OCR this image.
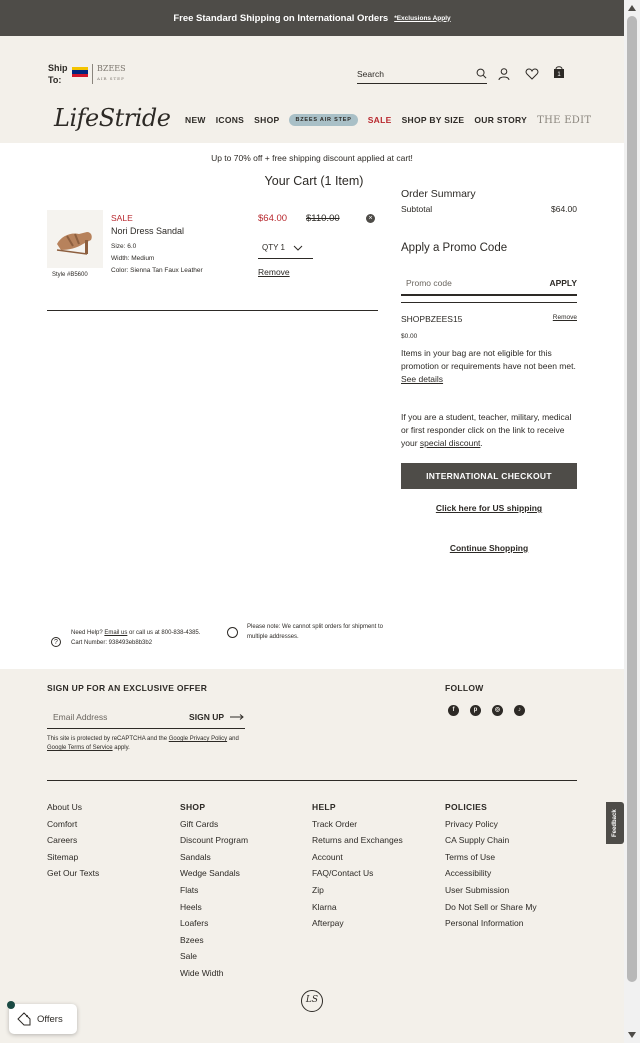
Free Standard Shipping on International Orders *Exclusions Apply
Ship To:
BZEES
AIR STEP	Search	1
LifeStride NEW ICONS SHOP	BZEES AIR STEP	SALE SHOP BY SIZE OUR STORY THE EDIT
Up to 70% off + free shipping discount applied at cart!
Your Cart (1 Item)
Style #B5600
SALE
Nori Dress Sandal
Size: 6.0
Width: Medium
Color: Sienna Tan Faux Leather
$64.00 $110.00	×
QTY 1
Remove
Order Summary
Subtotal	$64.00
Apply a Promo Code
Promo code	APPLY
SHOPBZEES15	Remove
$0.00
Items in your bag are not eligible for this promotion or requirements have not been met. See details
If you are a student, teacher, military, medical or first responder click on the link to receive your special discount.
INTERNATIONAL CHECKOUT
Click here for US shipping
Continue Shopping
?
Need Help? Email us or call us at 800-838-4385.
Cart Number: 938493eb8b3b2
Please note: We cannot split orders for shipment to multiple addresses.
SIGN UP FOR AN EXCLUSIVE OFFER
Email Address	SIGN UP
This site is protected by reCAPTCHA and the Google Privacy Policy and Google Terms of Service apply.
FOLLOW
f	p	◎	♪
About Us
Comfort
Careers
Sitemap
Get Our Texts
SHOP
Gift Cards
Discount Program
Sandals
Wedge Sandals
Flats
Heels
Loafers
Bzees
Sale
Wide Width
HELP
Track Order
Returns and Exchanges
Account
FAQ/Contact Us
Zip
Klarna
Afterpay
POLICIES
Privacy Policy
CA Supply Chain
Terms of Use
Accessibility
User Submission
Do Not Sell or Share My
Personal Information
Feedback
LS
Offers
